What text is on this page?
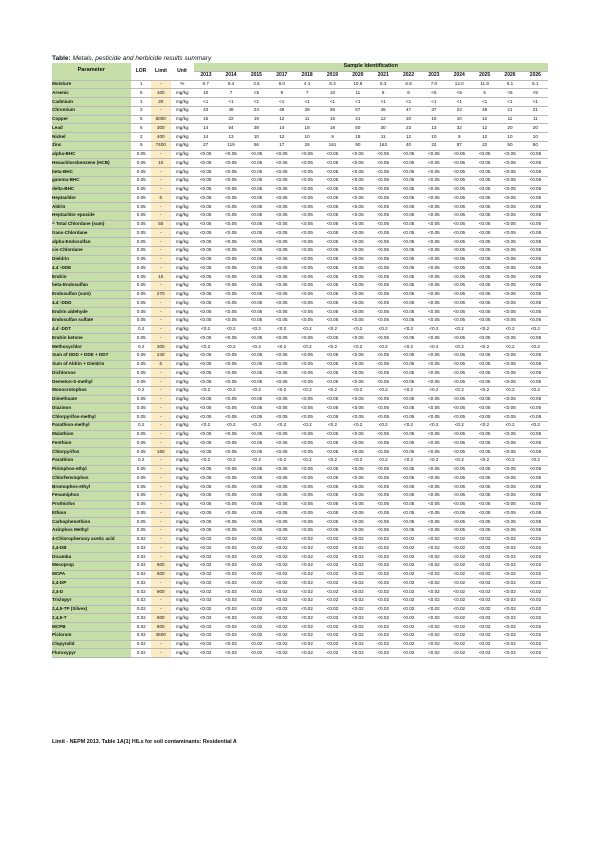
Table: Metals, pesticide and herbicide results summary
Parameter	LOR	Limit	Unit	Sample Identification													
				2013	2014	2015	2017	2018	2019	2020	2021	2022	2023	2024	2025	2026	2026
Moisture	1	-	%	6.7	9.4	3.5	8.0	4.1	8.3	10.9	8.3	6.8	7.0	12.0	11.8	6.1	6.1
Arsenic	5	100	mg/kg	10	7	<5	9	7	10	11	6	6	<5	<5	5	<5	<5
Cadmium	1	20	mg/kg	<1	<1	<1	<1	<1	<1	<1	<1	<1	<1	<1	<1	<1	<1
Chromium	2	-	mg/kg	43	48	24	49	39	36	57	45	47	37	23	48	21	21
Copper	5	6000	mg/kg	15	22	19	12	11	15	21	12	20	10	10	12	11	11
Lead	5	300	mg/kg	14	54	38	14	18	18	50	30	23	13	32	12	20	20
Nickel	2	400	mg/kg	14	13	10	12	10	9	18	11	12	10	9	12	10	10
Zinc	5	7400	mg/kg	27	119	56	17	26	161	90	163	40	22	87	22	50	50
alpha-BHC	0.05	-	mg/kg	<0.05	<0.05	<0.05	<0.05	<0.05	<0.05	<0.05	<0.05	<0.05	<0.05	<0.05	<0.05	<0.05	<0.05
Hexachlorobenzene (HCB)	0.05	10	mg/kg	<0.05	<0.05	<0.05	<0.05	<0.05	<0.05	<0.05	<0.05	<0.05	<0.05	<0.05	<0.05	<0.05	<0.05
beta-BHC	0.05	-	mg/kg	<0.05	<0.05	<0.05	<0.05	<0.05	<0.05	<0.05	<0.05	<0.05	<0.05	<0.05	<0.05	<0.05	<0.05
gamma-BHC	0.05	-	mg/kg	<0.05	<0.05	<0.05	<0.05	<0.05	<0.05	<0.05	<0.05	<0.05	<0.05	<0.05	<0.05	<0.05	<0.05
delta-BHC	0.05	-	mg/kg	<0.05	<0.05	<0.05	<0.05	<0.05	<0.05	<0.05	<0.05	<0.05	<0.05	<0.05	<0.05	<0.05	<0.05
Heptachlor	0.05	6	mg/kg	<0.05	<0.05	<0.05	<0.05	<0.05	<0.05	<0.05	<0.05	<0.05	<0.05	<0.05	<0.05	<0.05	<0.05
Aldrin	0.05	-	mg/kg	<0.05	<0.05	<0.05	<0.05	<0.05	<0.05	<0.05	<0.05	<0.05	<0.05	<0.05	<0.05	<0.05	<0.05
Heptachlor epoxide	0.05	-	mg/kg	<0.05	<0.05	<0.05	<0.05	<0.05	<0.05	<0.05	<0.05	<0.05	<0.05	<0.05	<0.05	<0.05	<0.05
^ Total Chlordane (sum)	0.05	50	mg/kg	<0.05	<0.05	<0.05	<0.05	<0.05	<0.05	<0.05	<0.05	<0.05	<0.05	<0.05	<0.05	<0.05	<0.05
trans-Chlordane	0.05	-	mg/kg	<0.05	<0.05	<0.05	<0.05	<0.05	<0.05	<0.05	<0.05	<0.05	<0.05	<0.05	<0.05	<0.05	<0.05
alpha-Endosulfan	0.05	-	mg/kg	<0.05	<0.05	<0.05	<0.05	<0.05	<0.05	<0.05	<0.05	<0.05	<0.05	<0.05	<0.05	<0.05	<0.05
cis-Chlordane	0.05	-	mg/kg	<0.05	<0.05	<0.05	<0.05	<0.05	<0.05	<0.05	<0.05	<0.05	<0.05	<0.05	<0.05	<0.05	<0.05
Dieldrin	0.05	-	mg/kg	<0.05	<0.05	<0.05	<0.05	<0.05	<0.05	<0.05	<0.05	<0.05	<0.05	<0.05	<0.05	<0.05	<0.05
4.4`-DDE	0.05	-	mg/kg	<0.05	<0.05	<0.05	<0.05	<0.05	<0.05	<0.05	<0.05	<0.05	<0.05	<0.05	<0.05	<0.05	<0.05
Endrin	0.05	10	mg/kg	<0.05	<0.05	<0.05	<0.05	<0.05	<0.05	<0.05	<0.05	<0.05	<0.05	<0.05	<0.05	<0.05	<0.05
beta-Endosulfan	0.05	-	mg/kg	<0.05	<0.05	<0.05	<0.05	<0.05	<0.05	<0.05	<0.05	<0.05	<0.05	<0.05	<0.05	<0.05	<0.05
Endosulfan (sum)	0.05	270	mg/kg	<0.05	<0.05	<0.05	<0.05	<0.05	<0.05	<0.05	<0.05	<0.05	<0.05	<0.05	<0.05	<0.05	<0.05
4.4`-DDD	0.05	-	mg/kg	<0.05	<0.05	<0.05	<0.05	<0.05	<0.05	<0.05	<0.05	<0.05	<0.05	<0.05	<0.05	<0.05	<0.05
Endrin aldehyde	0.05	-	mg/kg	<0.05	<0.05	<0.05	<0.05	<0.05	<0.05	<0.05	<0.05	<0.05	<0.05	<0.05	<0.05	<0.05	<0.05
Endosulfan sulfate	0.05	-	mg/kg	<0.05	<0.05	<0.05	<0.05	<0.05	<0.05	<0.05	<0.05	<0.05	<0.05	<0.05	<0.05	<0.05	<0.05
4.4`-DDT	0.2	-	mg/kg	<0.2	<0.2	<0.2	<0.2	<0.2	<0.2	<0.2	<0.2	<0.2	<0.2	<0.2	<0.2	<0.2	<0.2
Endrin ketone	0.05	-	mg/kg	<0.05	<0.05	<0.05	<0.05	<0.05	<0.05	<0.05	<0.05	<0.05	<0.05	<0.05	<0.05	<0.05	<0.05
Methoxychlor	0.2	300	mg/kg	<0.2	<0.2	<0.2	<0.2	<0.2	<0.2	<0.2	<0.2	<0.2	<0.2	<0.2	<0.2	<0.2	<0.2
Sum of DDD + DDE + DDT	0.05	240	mg/kg	<0.05	<0.05	<0.05	<0.05	<0.05	<0.05	<0.05	<0.05	<0.05	<0.05	<0.05	<0.05	<0.05	<0.05
Sum of Aldrin + Dieldrin	0.05	6	mg/kg	<0.05	<0.05	<0.05	<0.05	<0.05	<0.05	<0.05	<0.05	<0.05	<0.05	<0.05	<0.05	<0.05	<0.05
Dichlorvos	0.05	-	mg/kg	<0.05	<0.05	<0.05	<0.05	<0.05	<0.05	<0.05	<0.05	<0.05	<0.05	<0.05	<0.05	<0.05	<0.05
Demeton-S-methyl	0.05	-	mg/kg	<0.05	<0.05	<0.05	<0.05	<0.05	<0.05	<0.05	<0.05	<0.05	<0.05	<0.05	<0.05	<0.05	<0.05
Monocrotophos	0.2	-	mg/kg	<0.2	<0.2	<0.2	<0.2	<0.2	<0.2	<0.2	<0.2	<0.2	<0.2	<0.2	<0.2	<0.2	<0.2
Dimethoate	0.05	-	mg/kg	<0.05	<0.05	<0.05	<0.05	<0.05	<0.05	<0.05	<0.05	<0.05	<0.05	<0.05	<0.05	<0.05	<0.05
Diazinon	0.05	-	mg/kg	<0.05	<0.05	<0.05	<0.05	<0.05	<0.05	<0.05	<0.05	<0.05	<0.05	<0.05	<0.05	<0.05	<0.05
Chlorpyrifos-methyl	0.05	-	mg/kg	<0.05	<0.05	<0.05	<0.05	<0.05	<0.05	<0.05	<0.05	<0.05	<0.05	<0.05	<0.05	<0.05	<0.05
Parathion-methyl	0.2	-	mg/kg	<0.2	<0.2	<0.2	<0.2	<0.2	<0.2	<0.2	<0.2	<0.2	<0.2	<0.2	<0.2	<0.2	<0.2
Malathion	0.05	-	mg/kg	<0.05	<0.05	<0.05	<0.05	<0.05	<0.05	<0.05	<0.05	<0.05	<0.05	<0.05	<0.05	<0.05	<0.05
Fenthion	0.05	-	mg/kg	<0.05	<0.05	<0.05	<0.05	<0.05	<0.05	<0.05	<0.05	<0.05	<0.05	<0.05	<0.05	<0.05	<0.05
Chlorpyrifos	0.05	160	mg/kg	<0.05	<0.05	<0.05	<0.05	<0.05	<0.05	<0.05	<0.05	<0.05	<0.05	<0.05	<0.05	<0.05	<0.05
Parathion	0.2	-	mg/kg	<0.2	<0.2	<0.2	<0.2	<0.2	<0.2	<0.2	<0.2	<0.2	<0.2	<0.2	<0.2	<0.2	<0.2
Pirimphos-ethyl	0.05	-	mg/kg	<0.05	<0.05	<0.05	<0.05	<0.05	<0.05	<0.05	<0.05	<0.05	<0.05	<0.05	<0.05	<0.05	<0.05
Chlorfenvinphos	0.05	-	mg/kg	<0.05	<0.05	<0.05	<0.05	<0.05	<0.05	<0.05	<0.05	<0.05	<0.05	<0.05	<0.05	<0.05	<0.05
Bromophos-ethyl	0.05	-	mg/kg	<0.05	<0.05	<0.05	<0.05	<0.05	<0.05	<0.05	<0.05	<0.05	<0.05	<0.05	<0.05	<0.05	<0.05
Fenamiphos	0.05	-	mg/kg	<0.05	<0.05	<0.05	<0.05	<0.05	<0.05	<0.05	<0.05	<0.05	<0.05	<0.05	<0.05	<0.05	<0.05
Prothiofos	0.05	-	mg/kg	<0.05	<0.05	<0.05	<0.05	<0.05	<0.05	<0.05	<0.05	<0.05	<0.05	<0.05	<0.05	<0.05	<0.05
Ethion	0.05	-	mg/kg	<0.05	<0.05	<0.05	<0.05	<0.05	<0.05	<0.05	<0.05	<0.05	<0.05	<0.05	<0.05	<0.05	<0.05
Carbophenothion	0.05	-	mg/kg	<0.05	<0.05	<0.05	<0.05	<0.05	<0.05	<0.05	<0.05	<0.05	<0.05	<0.05	<0.05	<0.05	<0.05
Azinphos Methyl	0.05	-	mg/kg	<0.05	<0.05	<0.05	<0.05	<0.05	<0.05	<0.05	<0.05	<0.05	<0.05	<0.05	<0.05	<0.05	<0.05
4-Chlorophenoxy acetic acid	0.02	-	mg/kg	<0.02	<0.02	<0.02	<0.02	<0.02	<0.02	<0.02	<0.02	<0.02	<0.02	<0.02	<0.02	<0.02	<0.02
2,4-DB	0.02	-	mg/kg	<0.02	<0.02	<0.02	<0.02	<0.02	<0.02	<0.02	<0.02	<0.02	<0.02	<0.02	<0.02	<0.02	<0.02
Dicamba	0.02	-	mg/kg	<0.02	<0.02	<0.02	<0.02	<0.02	<0.02	<0.02	<0.02	<0.02	<0.02	<0.02	<0.02	<0.02	<0.02
Mecoprop	0.02	600	mg/kg	<0.02	<0.02	<0.02	<0.02	<0.02	<0.02	<0.02	<0.02	<0.02	<0.02	<0.02	<0.02	<0.02	<0.02
MCPA	0.02	600	mg/kg	<0.02	<0.02	<0.02	<0.02	<0.02	<0.02	<0.02	<0.02	<0.02	<0.02	<0.02	<0.02	<0.02	<0.02
2,4-DP	0.02	-	mg/kg	<0.02	<0.02	<0.02	<0.02	<0.02	<0.02	<0.02	<0.02	<0.02	<0.02	<0.02	<0.02	<0.02	<0.02
2,4-D	0.02	900	mg/kg	<0.02	<0.02	<0.02	<0.02	<0.02	<0.02	<0.02	<0.02	<0.02	<0.02	<0.02	<0.02	<0.02	<0.02
Triclopyr	0.02	-	mg/kg	<0.02	<0.02	<0.02	<0.02	<0.02	<0.02	<0.02	<0.02	<0.02	<0.02	<0.02	<0.02	<0.02	<0.02
2,4,5-TP (Silvex)	0.02	-	mg/kg	<0.02	<0.02	<0.02	<0.02	<0.02	<0.02	<0.02	<0.02	<0.02	<0.02	<0.02	<0.02	<0.02	<0.02
2,4,5-T	0.02	600	mg/kg	<0.02	<0.02	<0.02	<0.02	<0.02	<0.02	<0.02	<0.02	<0.02	<0.02	<0.02	<0.02	<0.02	<0.02
MCPB	0.02	600	mg/kg	<0.02	<0.02	<0.02	<0.02	<0.02	<0.02	<0.02	<0.02	<0.02	<0.02	<0.02	<0.02	<0.02	<0.02
Picloram	0.02	4500	mg/kg	<0.02	<0.02	<0.02	<0.02	<0.02	<0.02	<0.02	<0.02	<0.02	<0.02	<0.02	<0.02	<0.02	<0.02
Clopyralid	0.02	-	mg/kg	<0.02	<0.02	<0.02	<0.02	<0.02	<0.02	<0.02	<0.02	<0.02	<0.02	<0.02	<0.02	<0.02	<0.02
Fluroxypyr	0.02	-	mg/kg	<0.02	<0.02	<0.02	<0.02	<0.02	<0.02	<0.02	<0.02	<0.02	<0.02	<0.02	<0.02	<0.02	<0.02
Limit - NEPM 2013. Table 1A(1) HILs for soil contaminants: Residential A
